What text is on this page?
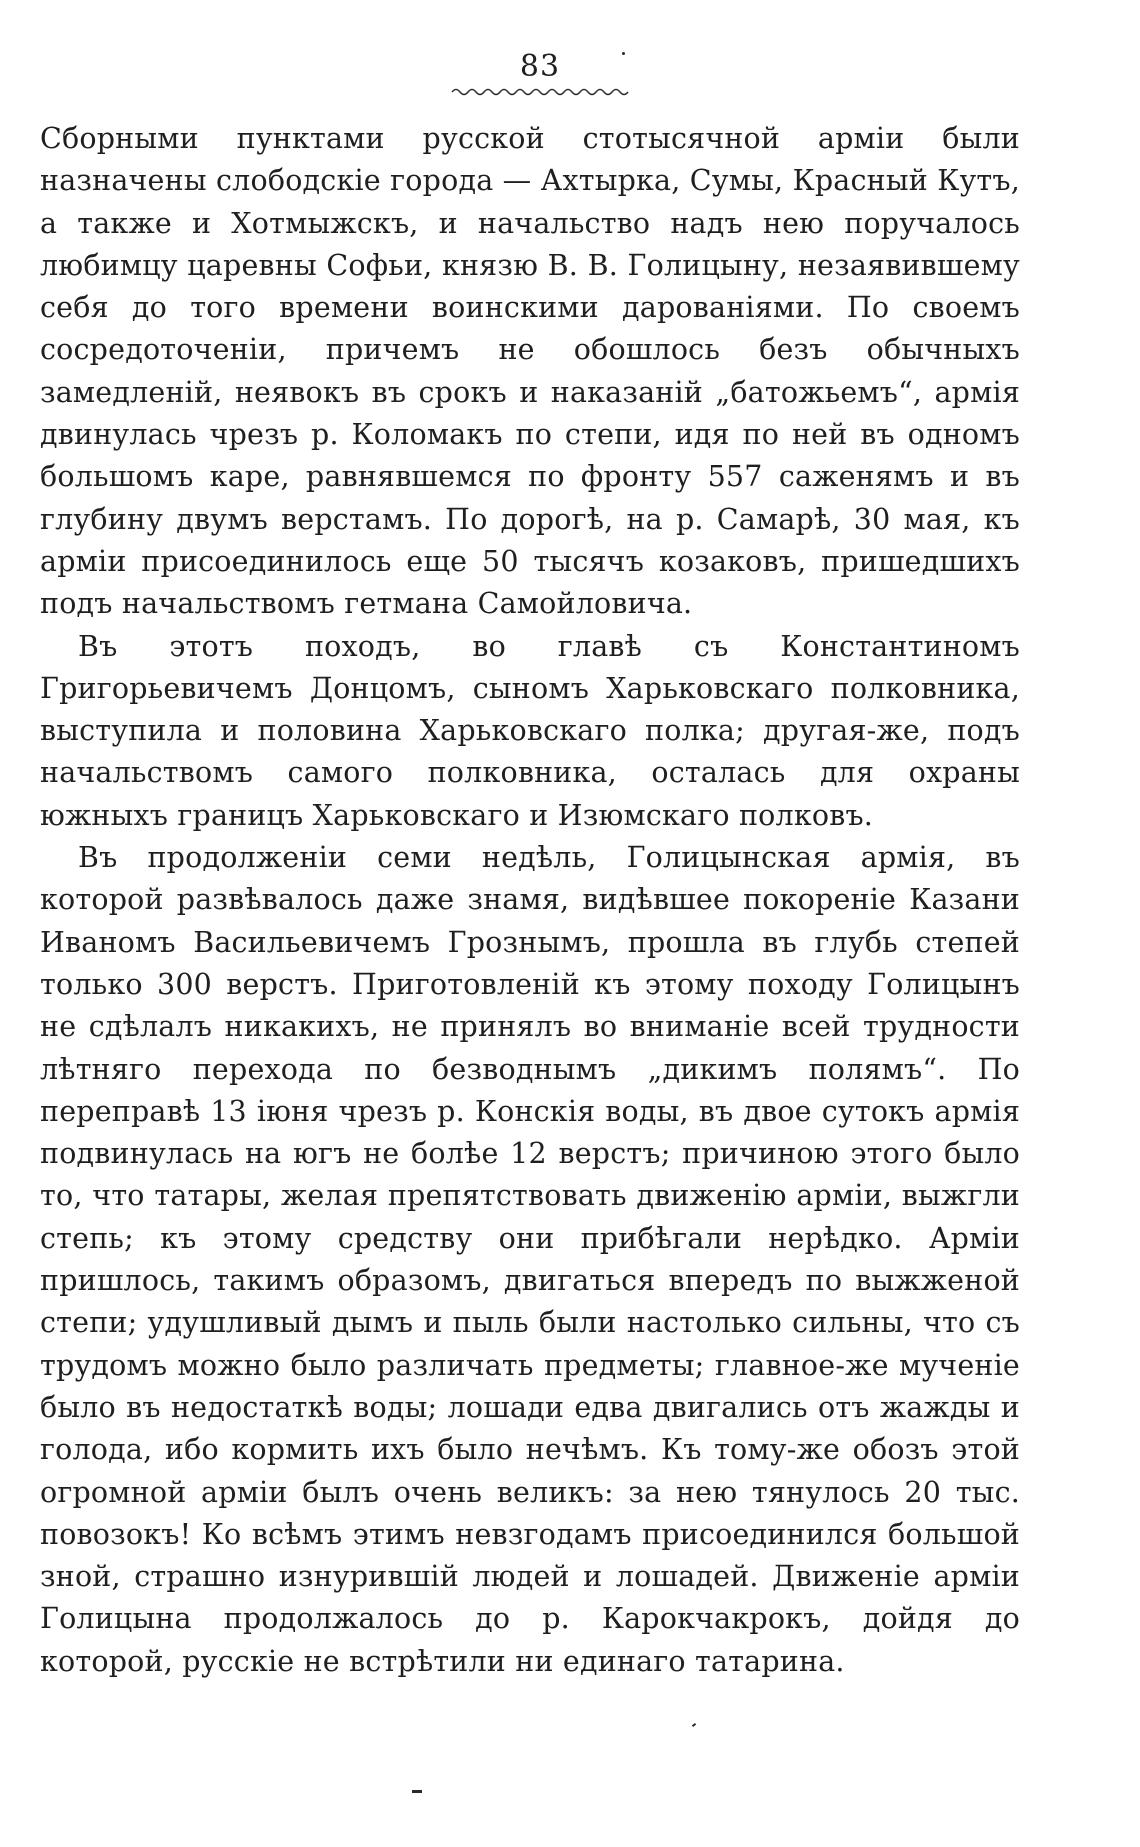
83

Сборными пунктами русской стотысячной арміи были назначены слободскіе города — Ахтырка, Сумы, Красный Кутъ, а также и Хотмыжскъ, и начальство надъ нею поручалось любимцу царевны Софьи, князю В. В. Голицыну, незаявившему себя до того времени воинскими дарованіями. По своемъ сосредоточеніи, причемъ не обошлось безъ обычныхъ замедленій, неявокъ въ срокъ и наказаній „батожьемъ“, армія двинулась чрезъ р. Коломакъ по степи, идя по ней въ одномъ большомъ каре, равнявшемся по фронту 557 саженямъ и въ глубину двумъ верстамъ. По дорогѣ, на р. Самарѣ, 30 мая, къ арміи присоединилось еще 50 тысячъ козаковъ, пришедшихъ подъ начальствомъ гетмана Самойловича.

Въ этотъ походъ, во главѣ съ Константиномъ Григорьевичемъ Донцомъ, сыномъ Харьковскаго полковника, выступила и половина Харьковскаго полка; другая-же, подъ начальствомъ самого полковника, осталась для охраны южныхъ границъ Харьковскаго и Изюмскаго полковъ.

Въ продолженіи семи недѣль, Голицынская армія, въ которой развѣвалось даже знамя, видѣвшее покореніе Казани Иваномъ Васильевичемъ Грознымъ, прошла въ глубь степей только 300 верстъ. Приготовленій къ этому походу Голицынъ не сдѣлалъ никакихъ, не принялъ во вниманіе всей трудности лѣтняго перехода по безводнымъ „дикимъ полямъ“. По переправѣ 13 іюня чрезъ р. Конскія воды, въ двое сутокъ армія подвинулась на югъ не болѣе 12 верстъ; причиною этого было то, что татары, желая препятствовать движенію арміи, выжгли степь; къ этому средству они прибѣгали нерѣдко. Арміи пришлось, такимъ образомъ, двигаться впередъ по выжженой степи; удушливый дымъ и пыль были настолько сильны, что съ трудомъ можно было различать предметы; главное-же мученіе было въ недостаткѣ воды; лошади едва двигались отъ жажды и голода, ибо кормить ихъ было нечѣмъ. Къ тому-же обозъ этой огромной арміи былъ очень великъ: за нею тянулось 20 тыс. повозокъ! Ко всѣмъ этимъ невзгодамъ присоединился большой зной, страшно изнурившій людей и лошадей. Движеніе арміи Голицына продолжалось до р. Карокчакрокъ, дойдя до которой, русскіе не встрѣтили ни единаго татарина.
